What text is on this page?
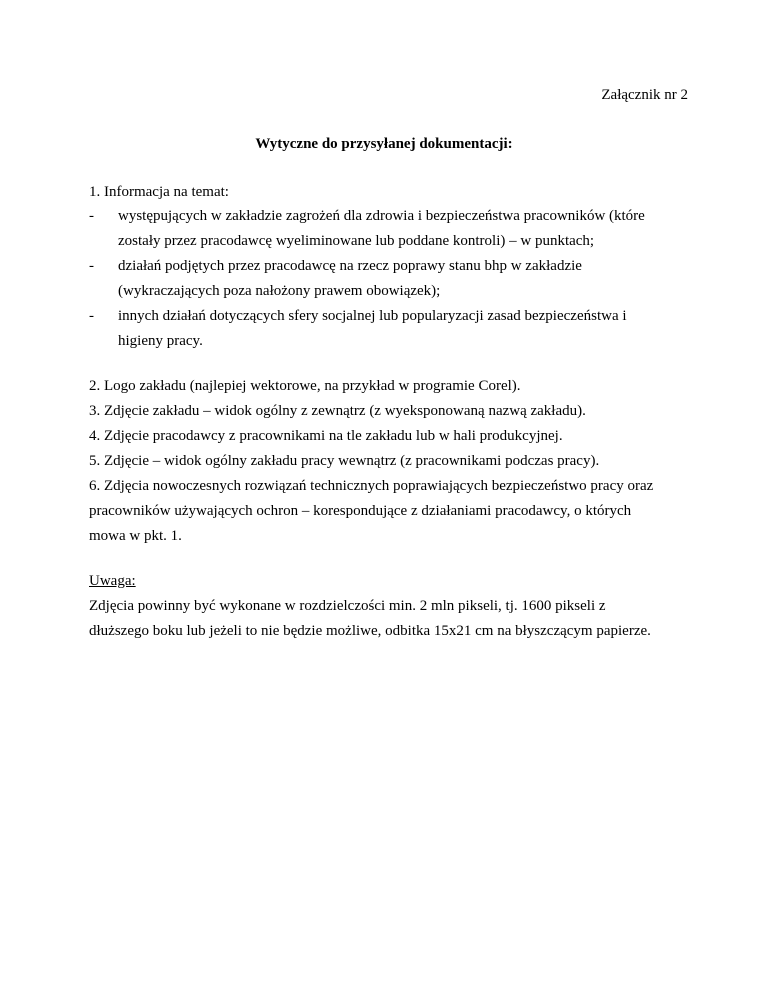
Załącznik nr 2
Wytyczne do przysyłanej dokumentacji:
1. Informacja na temat:
- występujących w zakładzie zagrożeń dla zdrowia i bezpieczeństwa pracowników (które
zostały przez pracodawcę wyeliminowane lub poddane kontroli) – w punktach;
- działań podjętych przez pracodawcę na rzecz poprawy stanu bhp w zakładzie
(wykraczających poza nałożony prawem obowiązek);
- innych działań dotyczących sfery socjalnej lub popularyzacji zasad bezpieczeństwa i
higieny pracy.
2. Logo zakładu (najlepiej wektorowe, na przykład w programie Corel).
3. Zdjęcie zakładu – widok ogólny z zewnątrz (z wyeksponowaną nazwą zakładu).
4. Zdjęcie pracodawcy z pracownikami na tle zakładu lub w hali produkcyjnej.
5. Zdjęcie – widok ogólny zakładu pracy wewnątrz (z pracownikami podczas pracy).
6. Zdjęcia nowoczesnych rozwiązań technicznych poprawiających bezpieczeństwo pracy oraz
pracowników używających ochron – korespondujące z działaniami pracodawcy, o których
mowa w pkt. 1.
Uwaga:
Zdjęcia powinny być wykonane w rozdzielczości min. 2 mln pikseli, tj. 1600 pikseli z
dłuższego boku lub jeżeli to nie będzie możliwe, odbitka 15x21 cm na błyszczącym papierze.
